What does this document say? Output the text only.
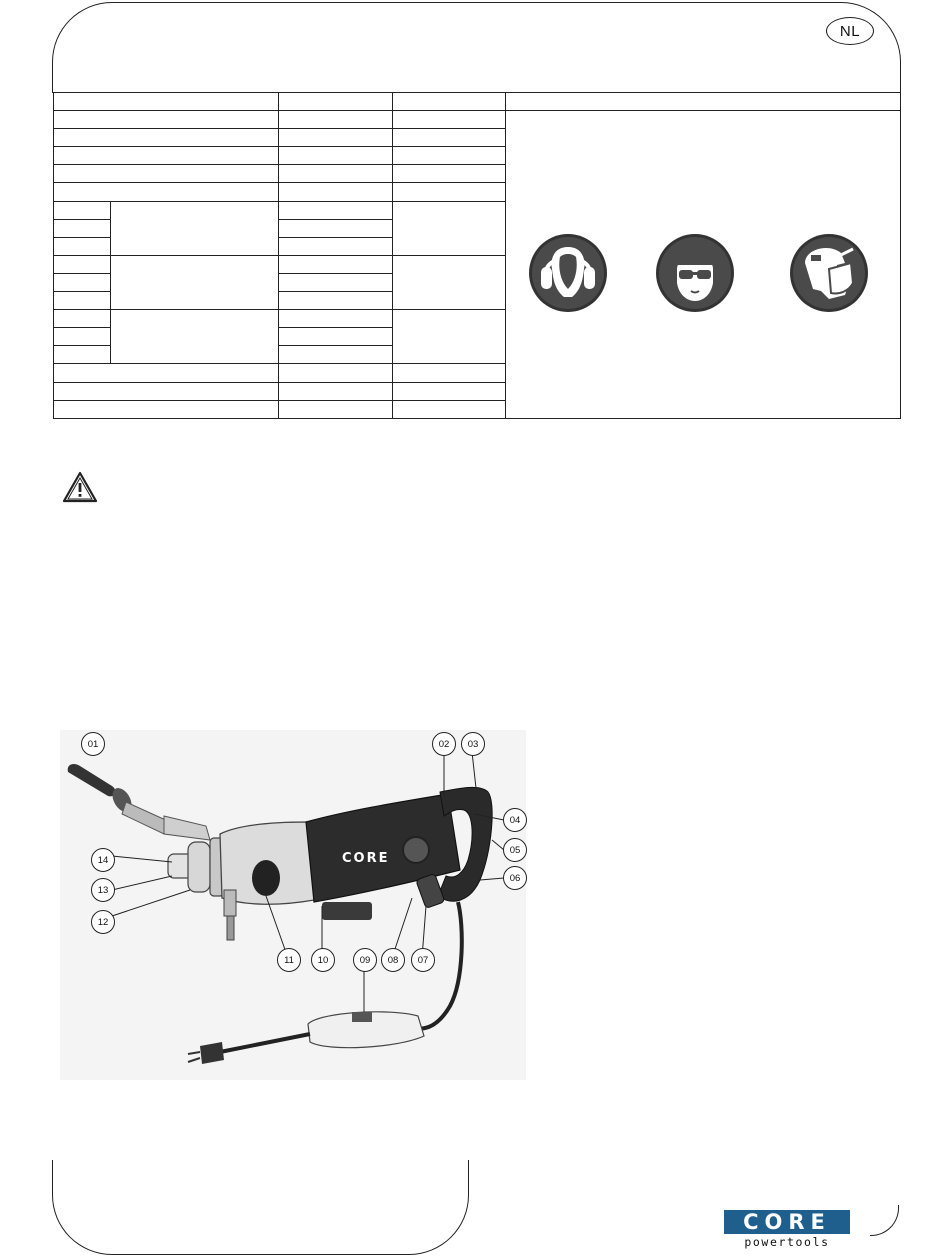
NL
01	02	03
04
05
06
07
08
09
10
11
12
13
14	CORE
CORE
powertools
